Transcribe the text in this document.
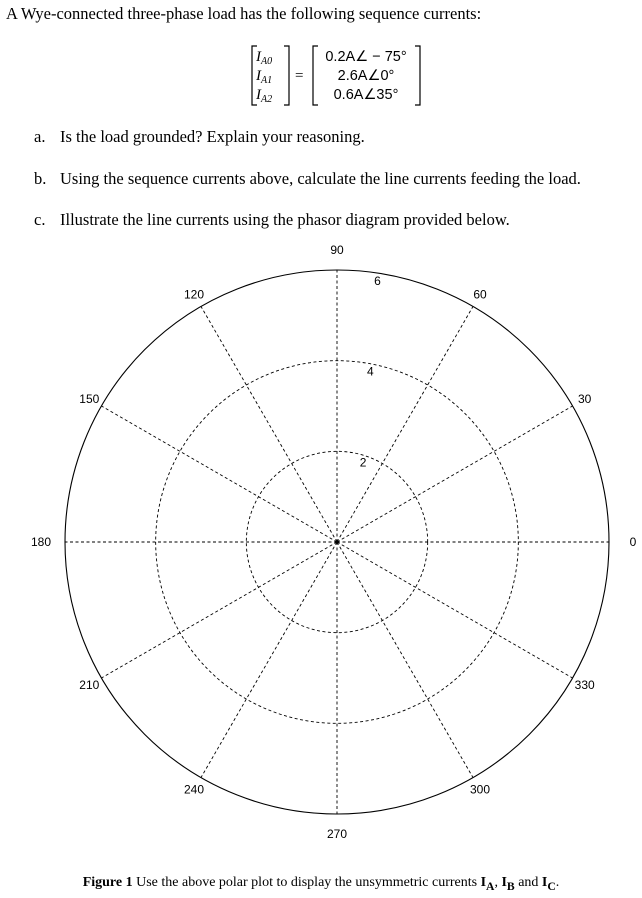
A Wye-connected three-phase load has the following sequence currents:
$I_{A0}$
$I_{A1}$
$I_{A2}$
=
0.2A∠ − 75°
2.6A∠0°
0.6A∠35°
a. Is the load grounded? Explain your reasoning.
b. Using the sequence currents above, calculate the line currents feeding the load.
c. Illustrate the line currents using the phasor diagram provided below.
2
4
6
0
30
60
90
120
150
180
210
240
270
300
330
Figure 1 Use the above polar plot to display the unsymmetric currents $I_A$, $I_B$ and $I_C$.
